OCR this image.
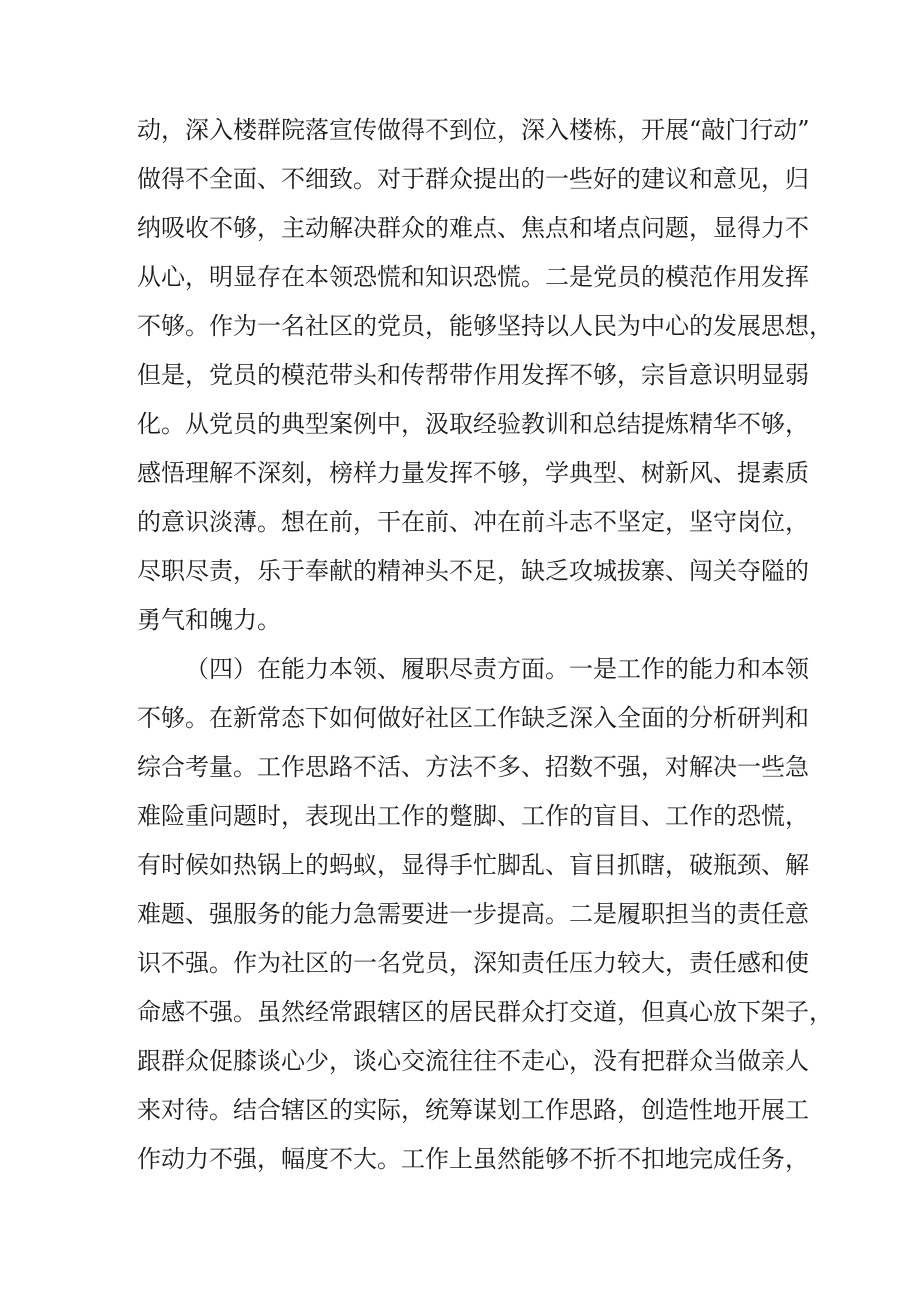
动，深入楼群院落宣传做得不到位，深入楼栋，开展“敲门行动”
做得不全面、不细致。对于群众提出的一些好的建议和意见，归
纳吸收不够，主动解决群众的难点、焦点和堵点问题，显得力不
从心，明显存在本领恐慌和知识恐慌。二是党员的模范作用发挥
不够。作为一名社区的党员，能够坚持以人民为中心的发展思想，
但是，党员的模范带头和传帮带作用发挥不够，宗旨意识明显弱
化。从党员的典型案例中，汲取经验教训和总结提炼精华不够，
感悟理解不深刻，榜样力量发挥不够，学典型、树新风、提素质
的意识淡薄。想在前，干在前、冲在前斗志不坚定，坚守岗位，
尽职尽责，乐于奉献的精神头不足，缺乏攻城拔寨、闯关夺隘的
勇气和魄力。
（四）在能力本领、履职尽责方面。一是工作的能力和本领
不够。在新常态下如何做好社区工作缺乏深入全面的分析研判和
综合考量。工作思路不活、方法不多、招数不强，对解决一些急
难险重问题时，表现出工作的蹩脚、工作的盲目、工作的恐慌，
有时候如热锅上的蚂蚁，显得手忙脚乱、盲目抓瞎，破瓶颈、解
难题、强服务的能力急需要进一步提高。二是履职担当的责任意
识不强。作为社区的一名党员，深知责任压力较大，责任感和使
命感不强。虽然经常跟辖区的居民群众打交道，但真心放下架子，
跟群众促膝谈心少，谈心交流往往不走心，没有把群众当做亲人
来对待。结合辖区的实际，统筹谋划工作思路，创造性地开展工
作动力不强，幅度不大。工作上虽然能够不折不扣地完成任务，
